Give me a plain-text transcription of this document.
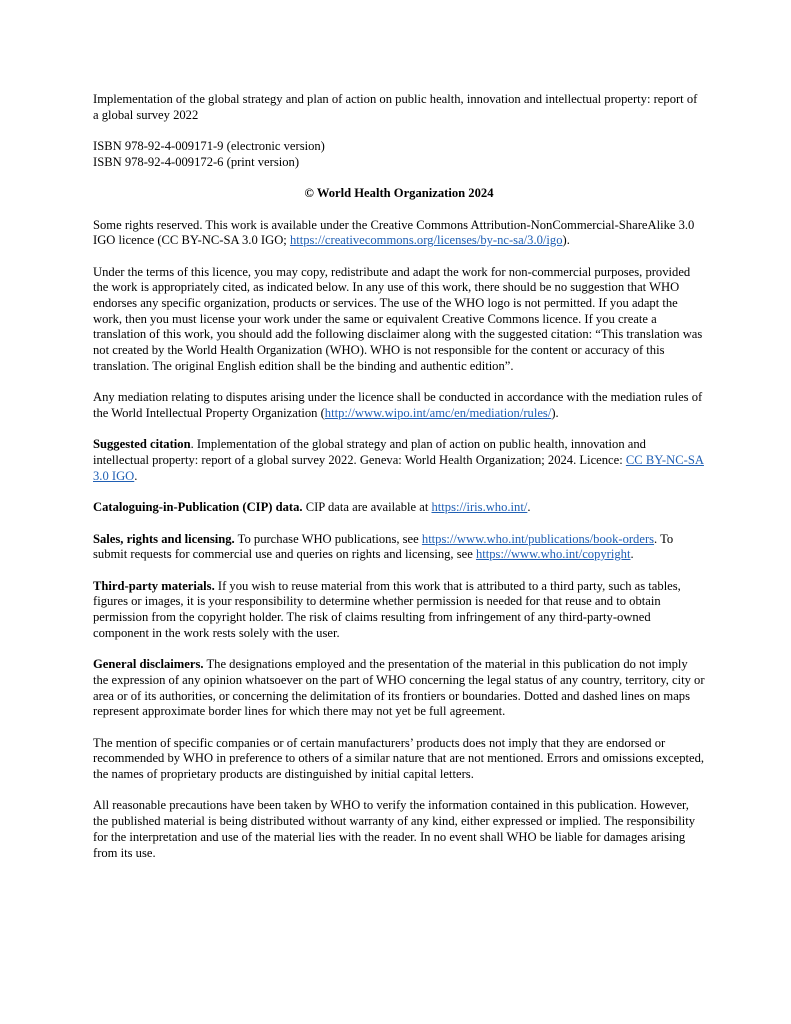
Implementation of the global strategy and plan of action on public health, innovation and intellectual property: report of a global survey 2022

ISBN 978-92-4-009171-9 (electronic version)
ISBN 978-92-4-009172-6 (print version)

© World Health Organization 2024

Some rights reserved. This work is available under the Creative Commons Attribution-NonCommercial-ShareAlike 3.0 IGO licence (CC BY-NC-SA 3.0 IGO; https://creativecommons.org/licenses/by-nc-sa/3.0/igo).

Under the terms of this licence, you may copy, redistribute and adapt the work for non-commercial purposes, provided the work is appropriately cited, as indicated below. In any use of this work, there should be no suggestion that WHO endorses any specific organization, products or services. The use of the WHO logo is not permitted. If you adapt the work, then you must license your work under the same or equivalent Creative Commons licence. If you create a translation of this work, you should add the following disclaimer along with the suggested citation: “This translation was not created by the World Health Organization (WHO). WHO is not responsible for the content or accuracy of this translation. The original English edition shall be the binding and authentic edition”.

Any mediation relating to disputes arising under the licence shall be conducted in accordance with the mediation rules of the World Intellectual Property Organization (http://www.wipo.int/amc/en/mediation/rules/).

Suggested citation. Implementation of the global strategy and plan of action on public health, innovation and intellectual property: report of a global survey 2022. Geneva: World Health Organization; 2024. Licence: CC BY-NC-SA 3.0 IGO.

Cataloguing-in-Publication (CIP) data. CIP data are available at https://iris.who.int/.

Sales, rights and licensing. To purchase WHO publications, see https://www.who.int/publications/book-orders. To submit requests for commercial use and queries on rights and licensing, see https://www.who.int/copyright.

Third-party materials. If you wish to reuse material from this work that is attributed to a third party, such as tables, figures or images, it is your responsibility to determine whether permission is needed for that reuse and to obtain permission from the copyright holder. The risk of claims resulting from infringement of any third-party-owned component in the work rests solely with the user.

General disclaimers. The designations employed and the presentation of the material in this publication do not imply the expression of any opinion whatsoever on the part of WHO concerning the legal status of any country, territory, city or area or of its authorities, or concerning the delimitation of its frontiers or boundaries. Dotted and dashed lines on maps represent approximate border lines for which there may not yet be full agreement.

The mention of specific companies or of certain manufacturers’ products does not imply that they are endorsed or recommended by WHO in preference to others of a similar nature that are not mentioned. Errors and omissions excepted, the names of proprietary products are distinguished by initial capital letters.

All reasonable precautions have been taken by WHO to verify the information contained in this publication. However, the published material is being distributed without warranty of any kind, either expressed or implied. The responsibility for the interpretation and use of the material lies with the reader. In no event shall WHO be liable for damages arising from its use.
